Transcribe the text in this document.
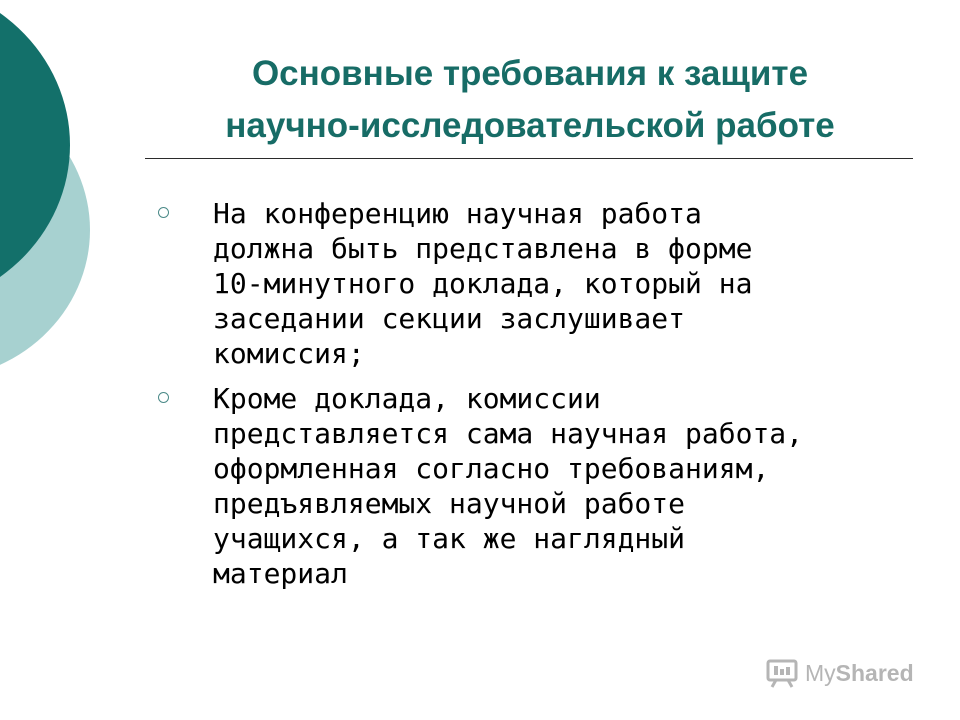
Основные требования к защите
научно-исследовательской работе
На конференцию научная работа
должна быть представлена в форме
10-минутного доклада, который на
заседании секции заслушивает
комиссия;
Кроме доклада, комиссии
представляется сама научная работа,
оформленная согласно требованиям,
предъявляемых научной работе
учащихся, а так же наглядный
материал
My Shared
